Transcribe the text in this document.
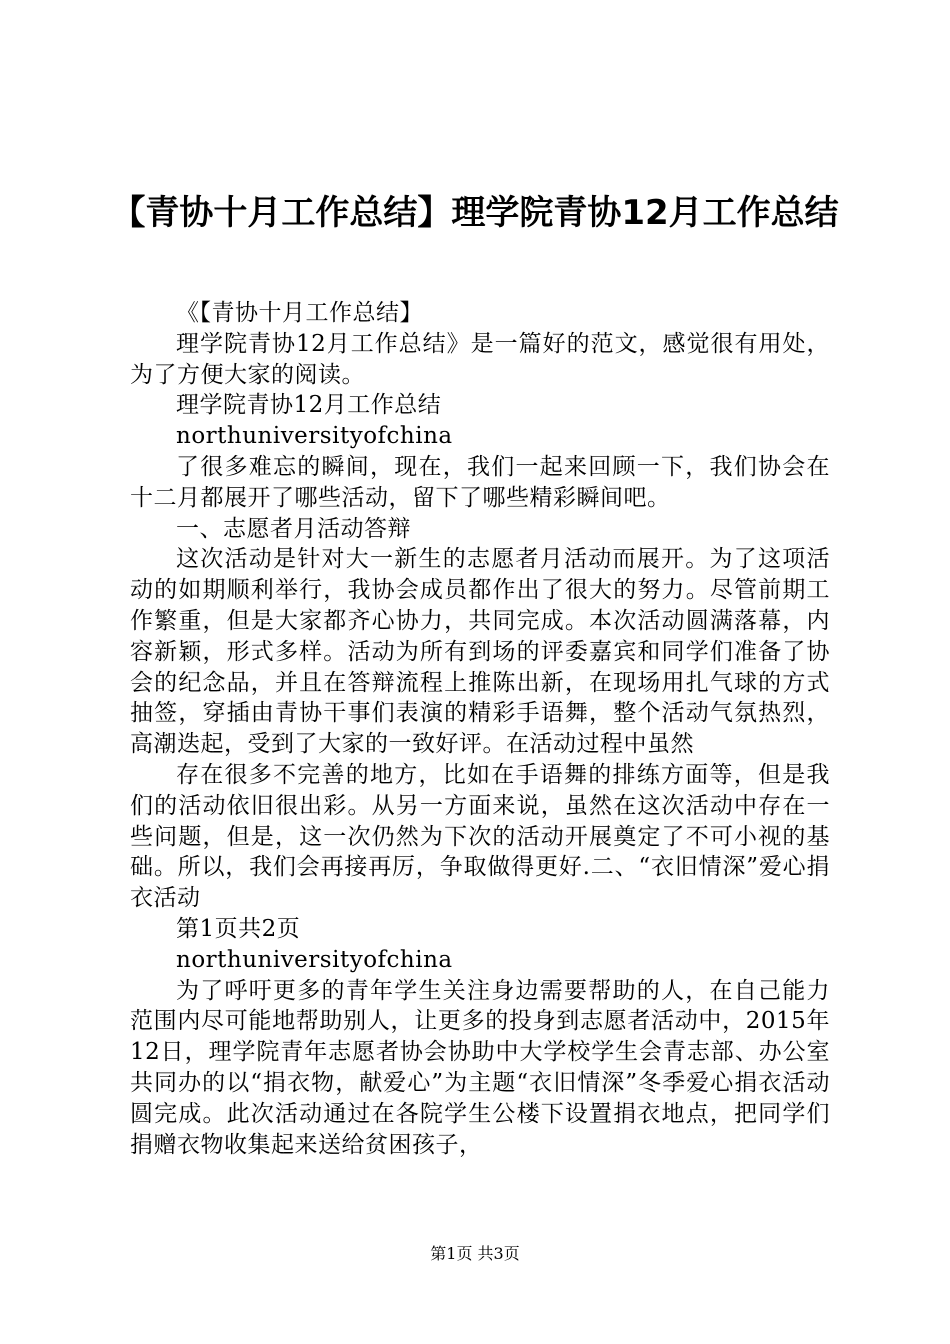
【青协十月工作总结】理学院青协12月工作总结

《【青协十月工作总结】

理学院青协12月工作总结》是一篇好的范文，感觉很有用处，为了方便大家的阅读。

理学院青协12月工作总结

northuniversityofchina

了很多难忘的瞬间，现在，我们一起来回顾一下，我们协会在十二月都展开了哪些活动，留下了哪些精彩瞬间吧。

一、志愿者月活动答辩

这次活动是针对大一新生的志愿者月活动而展开。为了这项活动的如期顺利举行，我协会成员都作出了很大的努力。尽管前期工作繁重，但是大家都齐心协力，共同完成。本次活动圆满落幕，内容新颖，形式多样。活动为所有到场的评委嘉宾和同学们准备了协会的纪念品，并且在答辩流程上推陈出新，在现场用扎气球的方式抽签，穿插由青协干事们表演的精彩手语舞，整个活动气氛热烈，高潮迭起，受到了大家的一致好评。在活动过程中虽然

存在很多不完善的地方，比如在手语舞的排练方面等，但是我们的活动依旧很出彩。从另一方面来说，虽然在这次活动中存在一些问题，但是，这一次仍然为下次的活动开展奠定了不可小视的基础。所以，我们会再接再厉，争取做得更好.二、“衣旧情深”爱心捐衣活动

第1页共2页

northuniversityofchina

为了呼吁更多的青年学生关注身边需要帮助的人，在自己能力范围内尽可能地帮助别人，让更多的投身到志愿者活动中，2015年12日，理学院青年志愿者协会协助中大学校学生会青志部、办公室共同办的以“捐衣物，献爱心”为主题“衣旧情深”冬季爱心捐衣活动圆完成。此次活动通过在各院学生公楼下设置捐衣地点，把同学们捐赠衣物收集起来送给贫困孩子，

第1页 共3页
